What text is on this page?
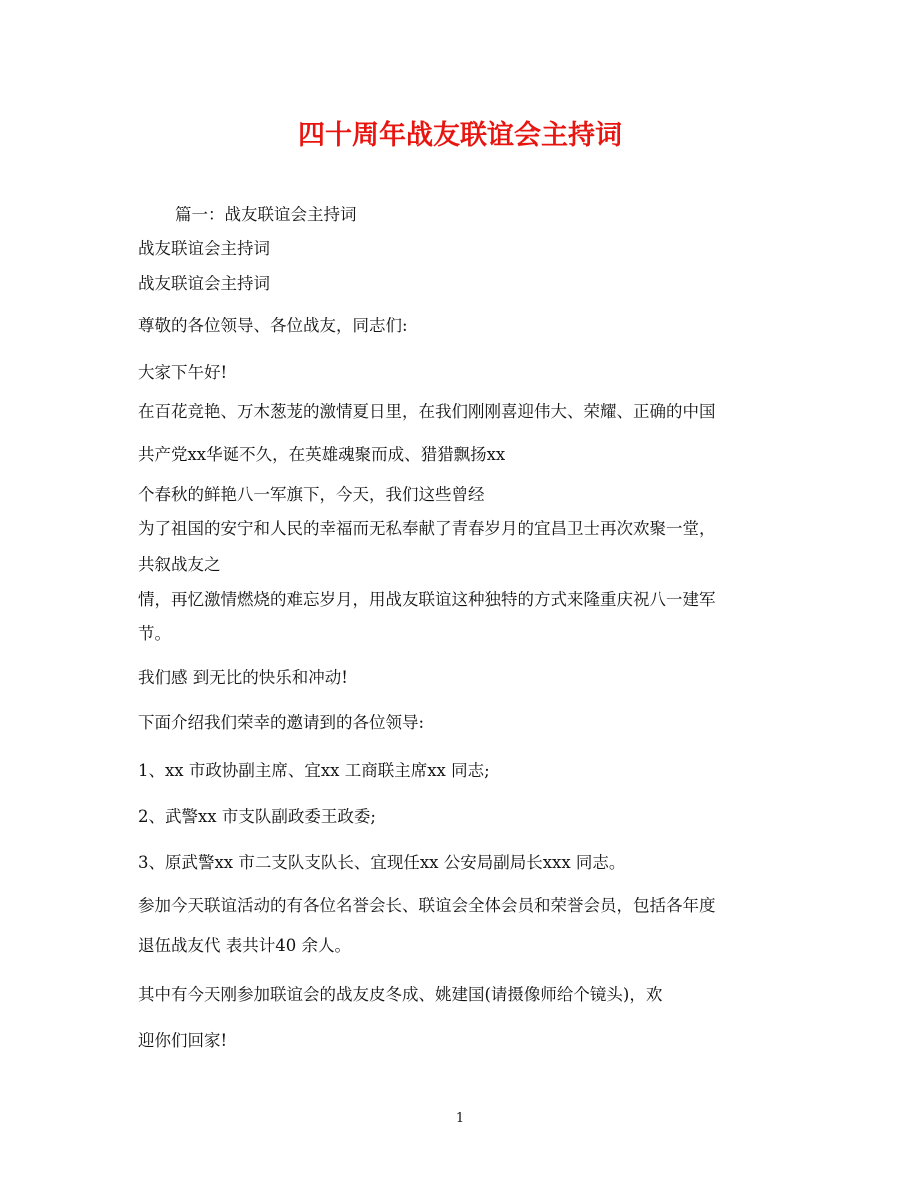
四十周年战友联谊会主持词
篇一：战友联谊会主持词
战友联谊会主持词
战友联谊会主持词
尊敬的各位领导、各位战友，同志们:
大家下午好!
在百花竞艳、万木葱茏的激情夏日里，在我们刚刚喜迎伟大、荣耀、正确的中国
共产党xx华诞不久，在英雄魂聚而成、猎猎飘扬xx
个春秋的鲜艳八一军旗下，今天，我们这些曾经
为了祖国的安宁和人民的幸福而无私奉献了青春岁月的宜昌卫士再次欢聚一堂，
共叙战友之
情，再忆激情燃烧的难忘岁月，用战友联谊这种独特的方式来隆重庆祝八一建军
节。
我们感 到无比的快乐和冲动!
下面介绍我们荣幸的邀请到的各位领导:
1、xx 市政协副主席、宜xx 工商联主席xx 同志;
2、武警xx 市支队副政委王政委;
3、原武警xx 市二支队支队长、宜现任xx 公安局副局长xxx 同志。
参加今天联谊活动的有各位名誉会长、联谊会全体会员和荣誉会员，包括各年度
退伍战友代 表共计40 余人。
其中有今天刚参加联谊会的战友皮冬成、姚建国(请摄像师给个镜头)，欢
迎你们回家!
1
